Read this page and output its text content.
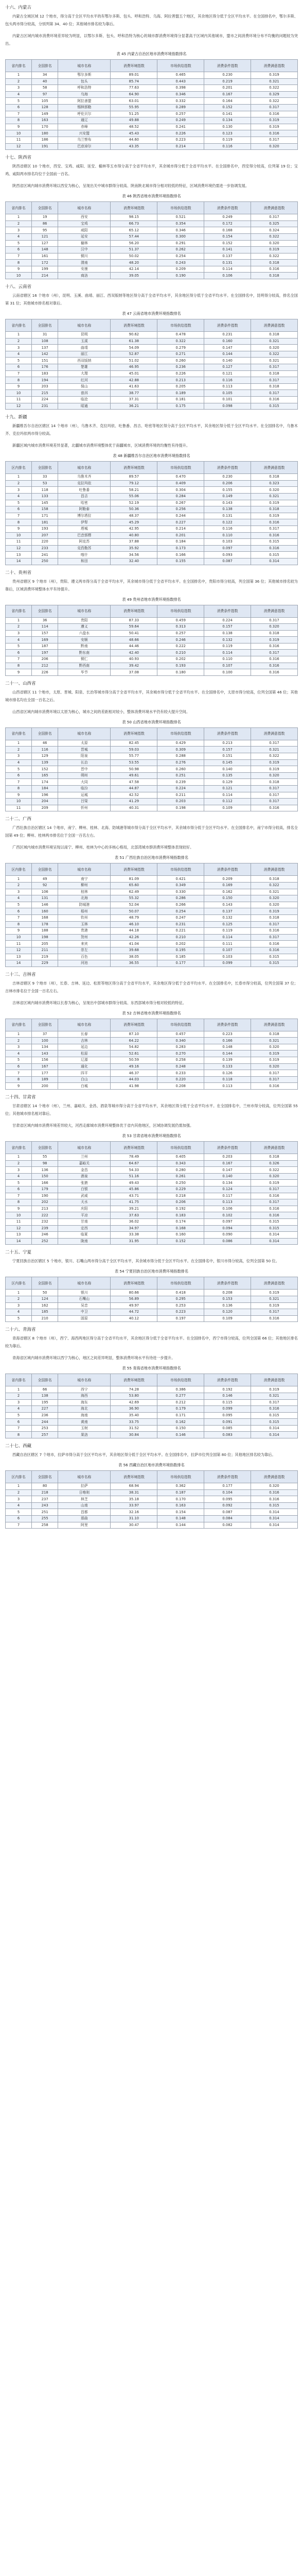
十六、内蒙古

内蒙古全域区域 12 个地市，得分高于全区平均水平的有鄂尔多斯、包头、呼和浩特、乌海、阿拉善盟五个地区，其余地区得分低于全区平均水平。在全国排名中，鄂尔多斯、包头两市得分较高，分别列第 34、40 位；其他城市排名较为靠后。

内蒙古区域内城市消费环境差异较为明显，以鄂尔多斯、包头、呼和浩特为核心的城市群消费环境得分显著高于区域内其他城市，盟市之间消费环境分布不均衡的问题较为突出。

表 45 内蒙古自治区地市消费环境指数排名
省内排名	全国排名	城市名称	消费环境指数	市场供给指数	消费条件指数	消费满意指数
1	34	鄂尔多斯	89.01	0.465	0.230	0.319
2	40	包头	85.74	0.443	0.219	0.321
3	58	呼和浩特	77.63	0.398	0.201	0.322
4	97	乌海	64.90	0.346	0.167	0.329
5	105	阿拉善盟	63.01	0.332	0.164	0.322
6	128	锡林郭勒	55.95	0.289	0.152	0.317
7	149	呼伦贝尔	51.25	0.257	0.141	0.316
8	163	通辽	49.88	0.249	0.134	0.319
9	170	赤峰	48.52	0.241	0.130	0.319
10	180	兴安盟	45.43	0.226	0.123	0.316
11	186	乌兰察布	44.60	0.223	0.119	0.317
12	191	巴彦淖尔	43.35	0.214	0.116	0.320
十七、陕西省

陕西省辖区 10 个地市，西安、宝鸡、咸阳、延安、榆林等五市得分高于全省平均水平，其余城市得分低于全省平均水平。在全国排名中，西安得分较高，位列第 19 位；宝鸡、咸阳两市排名均位于全国前一百名。

陕西省区域内城市消费环境以西安为核心，呈现出关中城市群得分较高、陕南陕北城市得分相对较低的特征，区域消费环境仍需进一步协调发展。

表 46 陕西省地市消费环境指数排名
省内排名	全国排名	城市名称	消费环境指数	市场供给指数	消费条件指数	消费满意指数
1	19	西安	98.15	0.521	0.249	0.317
2	86	宝鸡	66.73	0.354	0.172	0.325
3	95	咸阳	65.12	0.346	0.168	0.324
4	121	延安	57.44	0.300	0.154	0.322
5	127	榆林	56.20	0.291	0.152	0.320
6	148	汉中	51.37	0.262	0.141	0.319
7	161	铜川	50.02	0.254	0.137	0.322
8	172	渭南	48.20	0.243	0.131	0.318
9	199	安康	42.14	0.209	0.114	0.316
10	214	商洛	39.05	0.190	0.106	0.318
十八、云南省

云南省辖区 16 个地市（州），昆明、玉溪、曲靖、丽江、西双版纳等地区得分高于全省平均水平，其余地区得分低于全省平均水平。在全国排名中，昆明得分较高，排名全国第 31 位；其他城市排名相对靠后。

表 47 云南省地市消费环境指数排名
省内排名	全国排名	城市名称	消费环境指数	市场供给指数	消费条件指数	消费满意指数
1	31	昆明	90.62	0.478	0.231	0.318
2	108	玉溪	61.38	0.322	0.160	0.321
3	137	曲靖	54.09	0.279	0.147	0.320
4	142	丽江	52.87	0.271	0.144	0.322
5	151	西双版纳	51.02	0.260	0.140	0.321
6	176	楚雄	46.95	0.236	0.127	0.317
7	183	大理	45.01	0.226	0.121	0.318
8	194	红河	42.88	0.213	0.116	0.317
9	203	保山	41.63	0.205	0.113	0.318
10	215	普洱	38.77	0.189	0.105	0.317
11	224	临沧	37.31	0.181	0.101	0.316
12	231	昭通	36.21	0.175	0.098	0.315
十九、新疆

新疆维吾尔自治区辖区 14 个地市（州），乌鲁木齐、克拉玛依、吐鲁番、昌吉、哈密等地区得分高于全区平均水平，其余地区得分低于全区平均水平。在全国排名中，乌鲁木齐、克拉玛依两市得分较高。

新疆区域内城市消费环境差异显著，北疆城市消费环境整体优于南疆城市，区域消费环境的均衡性有待提升。

表 48 新疆维吾尔自治区地市消费环境指数排名
区内排名	全国排名	城市名称	消费环境指数	市场供给指数	消费条件指数	消费满意指数
1	33	乌鲁木齐	89.57	0.470	0.230	0.318
2	53	克拉玛依	79.12	0.409	0.206	0.323
3	118	吐鲁番	58.21	0.304	0.155	0.320
4	133	昌吉	55.06	0.284	0.149	0.321
5	145	哈密	52.19	0.267	0.143	0.319
6	158	阿勒泰	50.36	0.256	0.138	0.318
7	171	博尔塔拉	48.37	0.244	0.131	0.319
8	181	伊犁	45.29	0.227	0.122	0.316
9	193	塔城	42.95	0.214	0.116	0.317
10	207	巴音郭楞	40.80	0.201	0.110	0.316
11	220	阿克苏	37.88	0.184	0.103	0.315
12	233	克孜勒苏	35.92	0.173	0.097	0.316
13	241	喀什	34.56	0.166	0.093	0.315
14	250	和田	32.40	0.155	0.087	0.314
二十、贵州省

贵州省辖区 9 个地市（州），贵阳、遵义两市得分高于全省平均水平，其余城市得分低于全省平均水平。在全国排名中，贵阳市得分较高，列全国第 36 位；其他城市排名较为靠后，区域消费环境整体水平有待提升。

表 49 贵州省地市消费环境指数排名
省内排名	全国排名	城市名称	消费环境指数	市场供给指数	消费条件指数	消费满意指数
1	36	贵阳	87.33	0.459	0.224	0.317
2	114	遵义	59.64	0.313	0.157	0.320
3	157	六盘水	50.41	0.257	0.138	0.318
4	169	安顺	48.66	0.246	0.132	0.319
5	187	黔南	44.46	0.222	0.119	0.316
6	197	黔东南	42.40	0.210	0.114	0.317
7	206	铜仁	40.93	0.202	0.110	0.316
8	212	黔西南	39.42	0.193	0.107	0.316
9	226	毕节	37.08	0.180	0.100	0.316
二十一、山西省

山西省辖区 11 个地市，太原、晋城、阳泉、长治等城市得分高于全省平均水平，其余城市得分低于全省平均水平。在全国排名中，太原市得分较高，位列全国第 46 位；其他城市排名均在全国一百名之后。

山西省区域内城市消费环境以太原为核心，城市之间的差距相对较小，整体消费环境水平仍有较大提升空间。

表 50 山西省地市消费环境指数排名
省内排名	全国排名	城市名称	消费环境指数	市场供给指数	消费条件指数	消费满意指数
1	46	太原	82.45	0.429	0.213	0.317
2	116	晋城	59.03	0.309	0.157	0.321
3	129	阳泉	55.77	0.288	0.151	0.322
4	139	长治	53.55	0.276	0.145	0.319
5	152	晋中	50.98	0.260	0.140	0.319
6	165	朔州	49.61	0.251	0.135	0.320
7	174	大同	47.58	0.239	0.129	0.318
8	184	临汾	44.87	0.224	0.121	0.317
9	196	运城	42.52	0.211	0.114	0.317
10	204	吕梁	41.29	0.203	0.112	0.317
11	209	忻州	40.31	0.198	0.109	0.316
二十二、广西

广西壮族自治区辖区 14 个地市，南宁、柳州、桂林、北海、防城港等城市得分高于全区平均水平，其余城市得分低于全区平均水平。在全国排名中，南宁市得分较高，排名全国第 49 位；柳州、桂林两市排名位于全国一百名左右。

广西区域内城市消费环境呈现以南宁、柳州、桂林为中心的多核心格局，北部湾城市群消费环境整体表现较好。

表 51 广西壮族自治区地市消费环境指数排名
区内排名	全国排名	城市名称	消费环境指数	市场供给指数	消费条件指数	消费满意指数
1	49	南宁	81.09	0.421	0.209	0.318
2	92	柳州	65.60	0.349	0.169	0.322
3	106	桂林	62.49	0.330	0.162	0.321
4	131	北海	55.32	0.286	0.150	0.320
5	146	防城港	52.04	0.266	0.143	0.320
6	160	梧州	50.07	0.254	0.137	0.319
7	168	钦州	48.79	0.247	0.132	0.318
8	178	玉林	46.10	0.231	0.125	0.317
9	188	贵港	44.18	0.221	0.119	0.316
10	198	贺州	42.26	0.210	0.114	0.317
11	205	来宾	41.04	0.202	0.111	0.316
12	211	崇左	39.68	0.195	0.107	0.316
13	219	百色	38.05	0.185	0.103	0.315
14	229	河池	36.55	0.177	0.099	0.315
二十三、吉林省

吉林省辖区 9 个地市（州），长春、吉林、延边、松原等地区得分高于全省平均水平，其余地区得分低于全省平均水平。在全国排名中，长春市得分较高，位列全国第 37 位；吉林市排名位于全国一百名左右。

吉林省区域内城市消费环境以长春为核心，呈现出中部城市群得分较高、东西部城市得分相对较低的特征。

表 52 吉林省地市消费环境指数排名
省内排名	全国排名	城市名称	消费环境指数	市场供给指数	消费条件指数	消费满意指数
1	37	长春	87.10	0.457	0.223	0.318
2	100	吉林	64.22	0.340	0.166	0.321
3	134	延边	54.82	0.283	0.148	0.320
4	143	松原	52.61	0.270	0.144	0.319
5	156	辽源	50.59	0.258	0.139	0.319
6	167	通化	49.16	0.248	0.133	0.320
7	177	四平	46.37	0.233	0.126	0.317
8	189	白山	44.03	0.220	0.118	0.317
9	200	白城	41.98	0.208	0.113	0.316
二十四、甘肃省

甘肃省辖区 14 个地市（州），兰州、嘉峪关、金昌、酒泉等城市得分高于全省平均水平，其余地区得分低于全省平均水平。在全国排名中，兰州市得分较高，位列全国第 55 位；其他城市排名相对靠后。

甘肃省区域内城市消费环境差异较大，河西走廊城市消费环境整体优于省内其他地区，区域协调发展仍需加强。

表 53 甘肃省地市消费环境指数排名
省内排名	全国排名	城市名称	消费环境指数	市场供给指数	消费条件指数	消费满意指数
1	55	兰州	78.49	0.405	0.203	0.318
2	98	嘉峪关	64.67	0.343	0.167	0.326
3	136	金昌	54.33	0.280	0.147	0.322
4	150	酒泉	51.16	0.261	0.140	0.320
5	166	张掖	49.43	0.250	0.134	0.319
6	179	白银	45.86	0.229	0.124	0.317
7	190	武威	43.71	0.218	0.117	0.316
8	202	天水	41.75	0.206	0.113	0.317
9	213	庆阳	39.21	0.192	0.106	0.316
10	222	平凉	37.63	0.183	0.102	0.316
11	232	甘南	36.02	0.174	0.097	0.315
12	239	定西	34.97	0.168	0.094	0.315
13	246	临夏	33.38	0.160	0.090	0.314
14	252	陇南	31.95	0.152	0.086	0.314
二十五、宁夏

宁夏回族自治区辖区 5 个地市，银川、石嘴山两市得分高于全区平均水平，其余城市得分低于全区平均水平。在全国排名中，银川市得分较高，位列全国第 50 位。

表 54 宁夏回族自治区地市消费环境指数排名
区内排名	全国排名	城市名称	消费环境指数	市场供给指数	消费条件指数	消费满意指数
1	50	银川	80.66	0.418	0.208	0.319
2	124	石嘴山	56.89	0.295	0.153	0.321
3	162	吴忠	49.97	0.253	0.136	0.319
4	185	中卫	44.72	0.223	0.120	0.317
5	210	固原	40.12	0.197	0.109	0.316
二十六、青海省

青海省辖区 8 个地市（州），西宁、海西两地区得分高于全省平均水平，其余地区得分低于全省平均水平。在全国排名中，西宁市得分较高，位列全国第 66 位；其他地区排名较为靠后。

青海省区域内城市消费环境以西宁为核心，地区之间差异明显，整体消费环境水平有待进一步提升。

表 55 青海省地市消费环境指数排名
省内排名	全国排名	城市名称	消费环境指数	市场供给指数	消费条件指数	消费满意指数
1	66	西宁	74.28	0.386	0.192	0.319
2	138	海西	53.80	0.277	0.146	0.321
3	195	海东	42.69	0.212	0.115	0.317
4	227	海北	36.90	0.179	0.099	0.316
5	236	海南	35.40	0.171	0.095	0.315
6	244	黄南	33.75	0.162	0.091	0.315
7	253	玉树	31.52	0.150	0.085	0.314
8	257	果洛	30.84	0.146	0.083	0.314
二十七、西藏

西藏自治区辖区 7 个地市，拉萨市得分高于全区平均水平，其余地区得分低于全区平均水平。在全国排名中，拉萨市位列全国第 80 位；其他地区排名较为靠后。

表 56 西藏自治区地市消费环境指数排名
区内排名	全国排名	城市名称	消费环境指数	市场供给指数	消费条件指数	消费满意指数
1	80	拉萨	68.94	0.362	0.177	0.320
2	218	日喀则	38.31	0.187	0.104	0.316
3	237	林芝	35.18	0.170	0.095	0.316
4	243	山南	33.97	0.163	0.092	0.315
5	251	昌都	32.16	0.154	0.087	0.314
6	255	那曲	31.10	0.148	0.084	0.314
7	258	阿里	30.47	0.144	0.082	0.314
